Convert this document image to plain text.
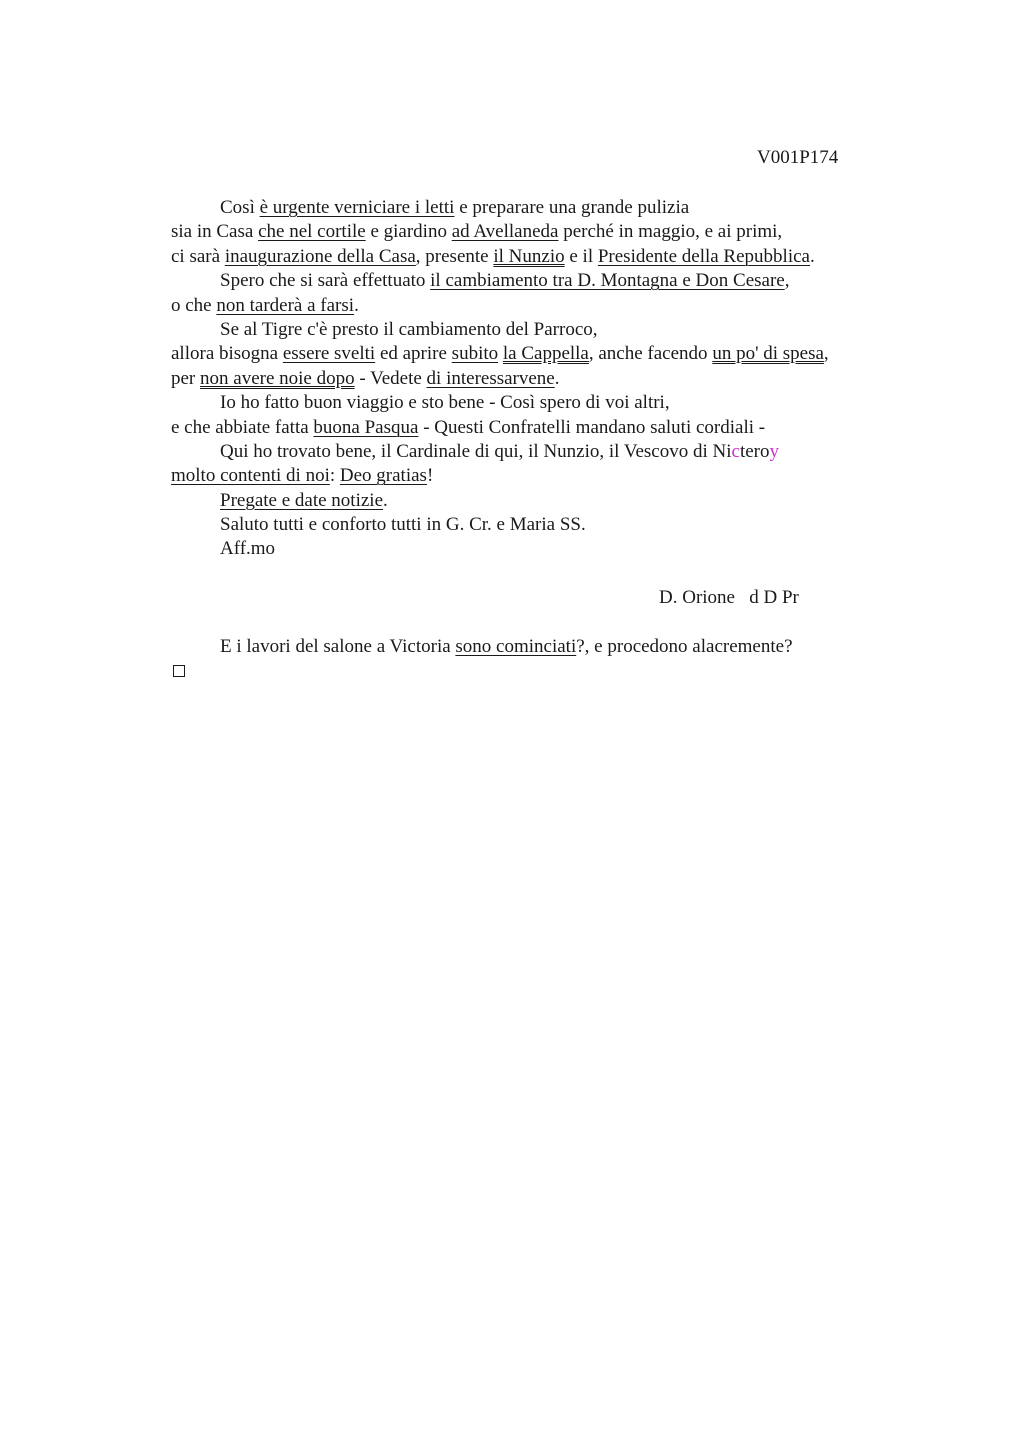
V001P174
Così è urgente verniciare i letti e preparare una grande pulizia
sia in Casa che nel cortile e giardino ad Avellaneda perché in maggio, e ai primi,
ci sarà inaugurazione della Casa, presente il Nunzio e il Presidente della Repubblica.
Spero che si sarà effettuato il cambiamento tra D. Montagna e Don Cesare,
o che non tarderà a farsi.
Se al Tigre c'è presto il cambiamento del Parroco,
allora bisogna essere svelti ed aprire subito la Cappella, anche facendo un po' di spesa,
per non avere noie dopo - Vedete di interessarvene.
Io ho fatto buon viaggio e sto bene - Così spero di voi altri,
e che abbiate fatta buona Pasqua - Questi Confratelli mandano saluti cordiali -
Qui ho trovato bene, il Cardinale di qui, il Nunzio, il Vescovo di Nicteroy
molto contenti di noi: Deo gratias!
Pregate e date notizie.
Saluto tutti e conforto tutti in G. Cr. e Maria SS.
Aff.mo
D. Orione   d D Pr
E i lavori del salone a Victoria sono cominciati?, e procedono alacremente?
